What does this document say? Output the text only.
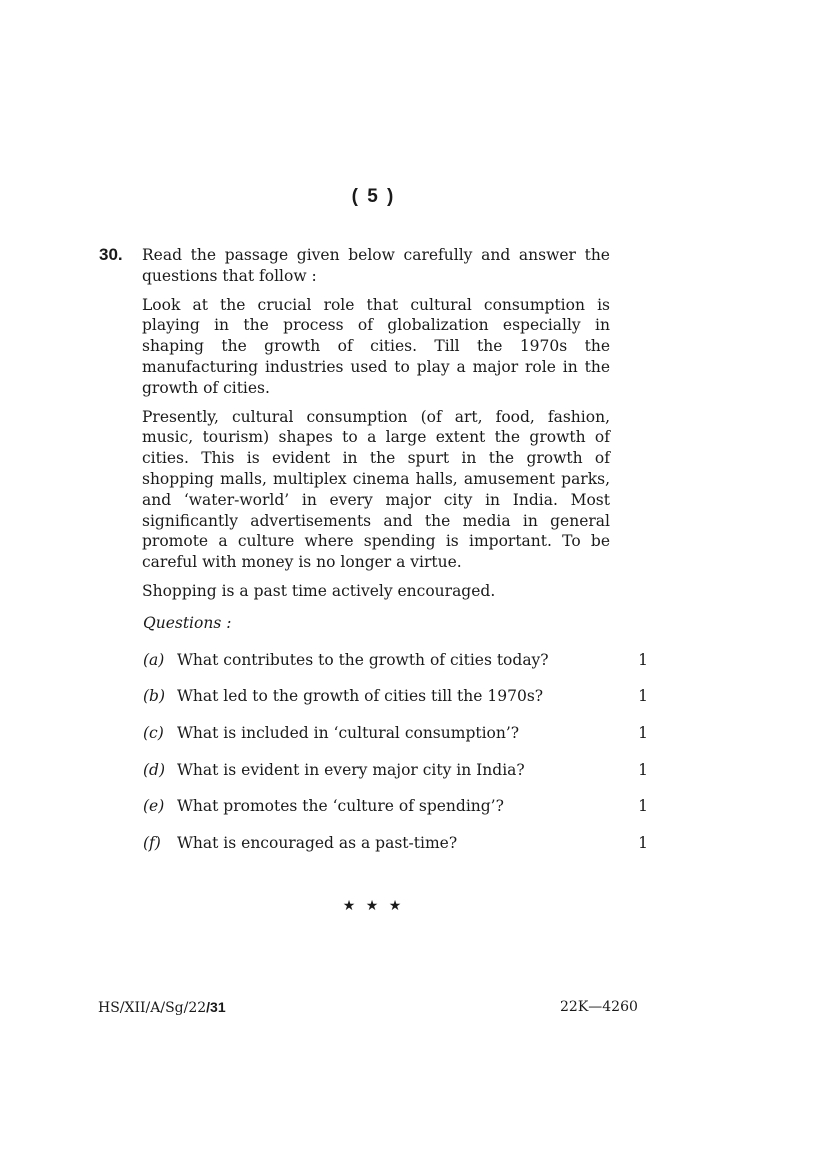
( 5 )
30. Read the passage given below carefully and answer the questions that follow :

Look at the crucial role that cultural consumption is playing in the process of globalization especially in shaping the growth of cities. Till the 1970s the manufacturing industries used to play a major role in the growth of cities.

Presently, cultural consumption (of art, food, fashion, music, tourism) shapes to a large extent the growth of cities. This is evident in the spurt in the growth of shopping malls, multiplex cinema halls, amusement parks, and ‘water-world’ in every major city in India. Most significantly advertisements and the media in general promote a culture where spending is important. To be careful with money is no longer a virtue.

Shopping is a past time actively encouraged.

Questions :
(a) What contributes to the growth of cities today?	1
(b) What led to the growth of cities till the 1970s?	1
(c) What is included in ‘cultural consumption’?	1
(d) What is evident in every major city in India?	1
(e) What promotes the ‘culture of spending’?	1
(f) What is encouraged as a past-time?	1
★ ★ ★
HS/XII/A/Sg/22/31	22K—4260
